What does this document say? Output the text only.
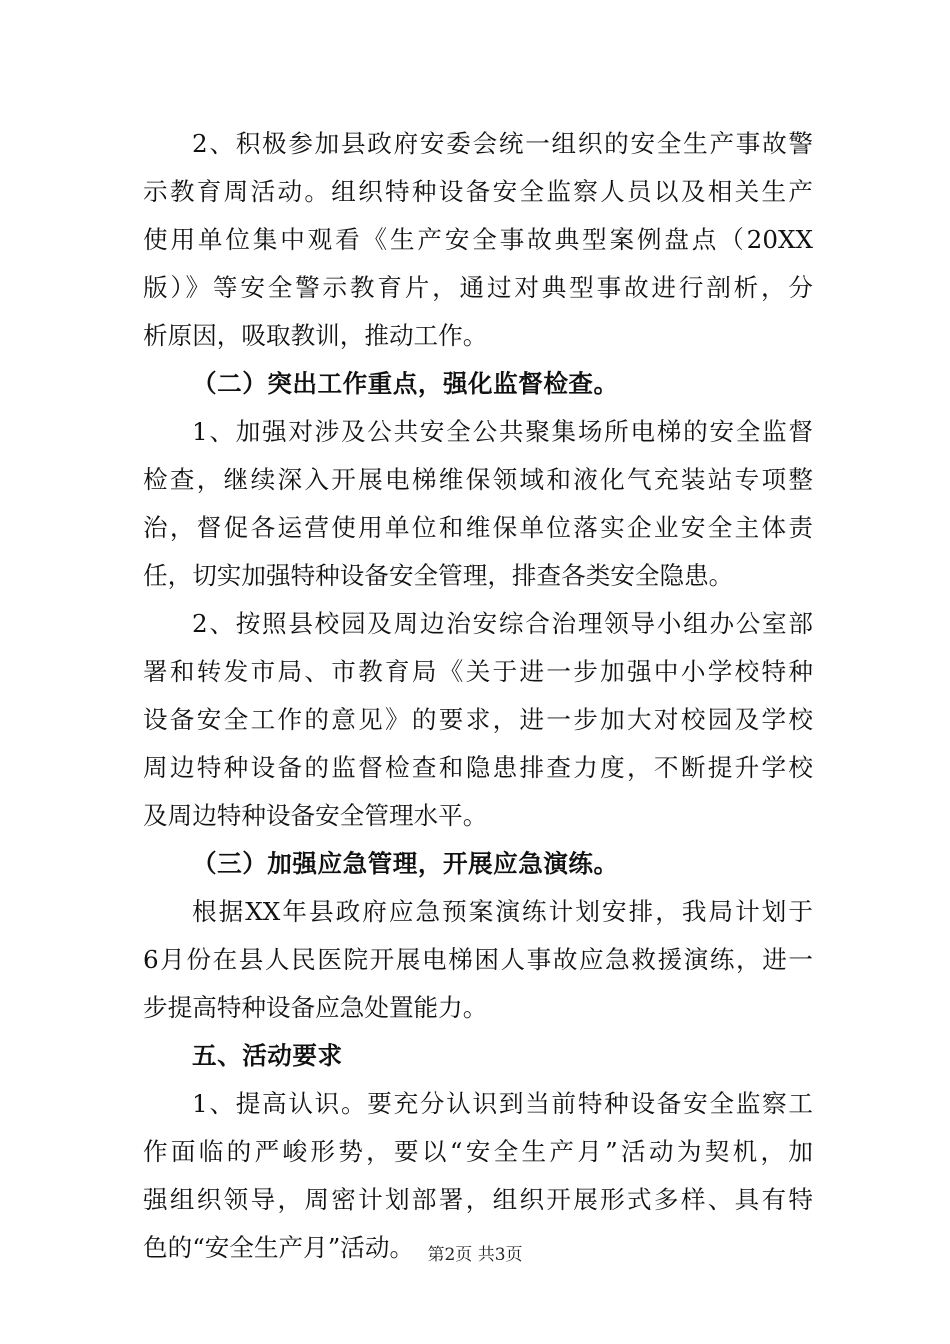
2、积极参加县政府安委会统一组织的安全生产事故警
示教育周活动。组织特种设备安全监察人员以及相关生产
使用单位集中观看《生产安全事故典型案例盘点（20XX
版）》等安全警示教育片，通过对典型事故进行剖析，分
析原因，吸取教训，推动工作。
（二）突出工作重点，强化监督检查。
1、加强对涉及公共安全公共聚集场所电梯的安全监督
检查，继续深入开展电梯维保领域和液化气充装站专项整
治，督促各运营使用单位和维保单位落实企业安全主体责
任，切实加强特种设备安全管理，排查各类安全隐患。
2、按照县校园及周边治安综合治理领导小组办公室部
署和转发市局、市教育局《关于进一步加强中小学校特种
设备安全工作的意见》的要求，进一步加大对校园及学校
周边特种设备的监督检查和隐患排查力度，不断提升学校
及周边特种设备安全管理水平。
（三）加强应急管理，开展应急演练。
根据XX年县政府应急预案演练计划安排，我局计划于
6月份在县人民医院开展电梯困人事故应急救援演练，进一
步提高特种设备应急处置能力。
五、活动要求
1、提高认识。要充分认识到当前特种设备安全监察工
作面临的严峻形势，要以“安全生产月”活动为契机，加
强组织领导，周密计划部署，组织开展形式多样、具有特
色的“安全生产月”活动。 第2页 共3页
